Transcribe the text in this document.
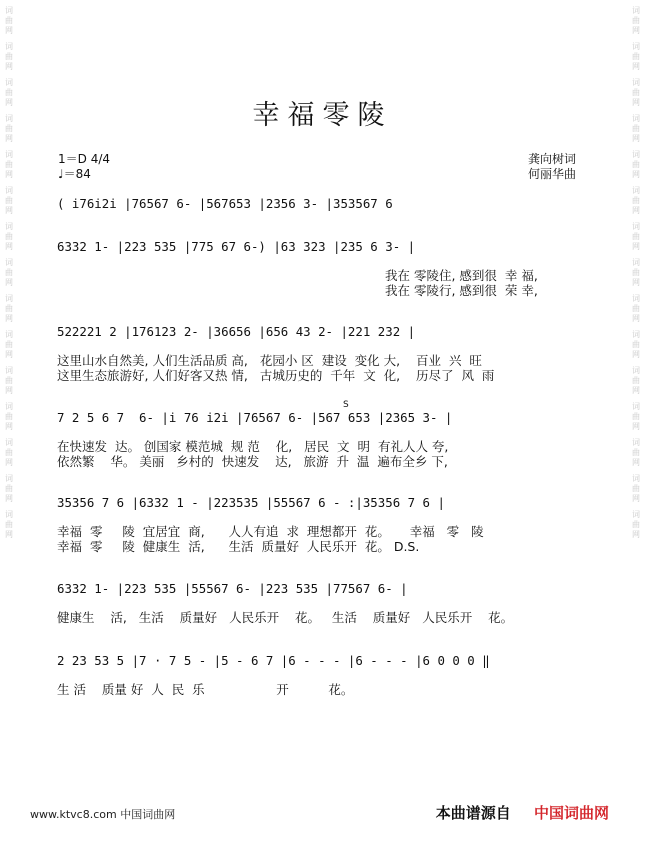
词曲网
词曲网
词曲网
词曲网
词曲网
词曲网
词曲网
词曲网
词曲网
词曲网
词曲网
词曲网
词曲网
词曲网
词曲网
词曲网
词曲网
词曲网
词曲网
词曲网
词曲网
词曲网
词曲网
词曲网
词曲网
词曲网
词曲网
词曲网
词曲网
词曲网
幸福零陵
1＝D 4/4
♩＝84
龚向树词
何丽华曲
( i76i2i |76567 6- |567653 |2356 3- |353567 6
6332 1- |223 535 |775 67 6-) |63 323 |235 6 3- |
我在 零陵住, 感到很  幸 福,
我在 零陵行, 感到很  荣 幸,
522221 2 |176123 2- |36656 |656 43 2- |221 232 |
这里山水自然美, 人们生活品质 高,   花园小 区  建设  变化 大,    百业  兴  旺
这里生态旅游好, 人们好客又热 情,   古城历史的  千年  文  化,    历尽了  风  雨
S
7 2 5 6 7  6- |i 76 i2i |76567 6- |567 653 |2365 3- |
在快速发  达。 创国家 模范城  规 范    化,   居民  文  明  有礼人人 夸,
依然繁    华。 美丽   乡村的  快速发    达,   旅游  升  温  遍布全乡 下,
35356 7 6 |6332 1 - |223535 |55567 6 - :|35356 7 6 |
幸福  零     陵  宜居宜  商,      人人有追  求  理想都开  花。     幸福   零   陵
幸福  零     陵  健康生  活,      生活  质量好  人民乐开  花。 D.S.
6332 1- |223 535 |55567 6- |223 535 |77567 6- |
健康生    活,   生活    质量好   人民乐开    花。   生活    质量好   人民乐开    花。
2 23 53 5 |7 · 7 5 - |5 - 6 7 |6 - - - |6 - - - |6 0 0 0 ‖
生 活    质量 好  人  民  乐                  开          花。
www.ktvc8.com 中国词曲网	本曲谱源自 中国词曲网
